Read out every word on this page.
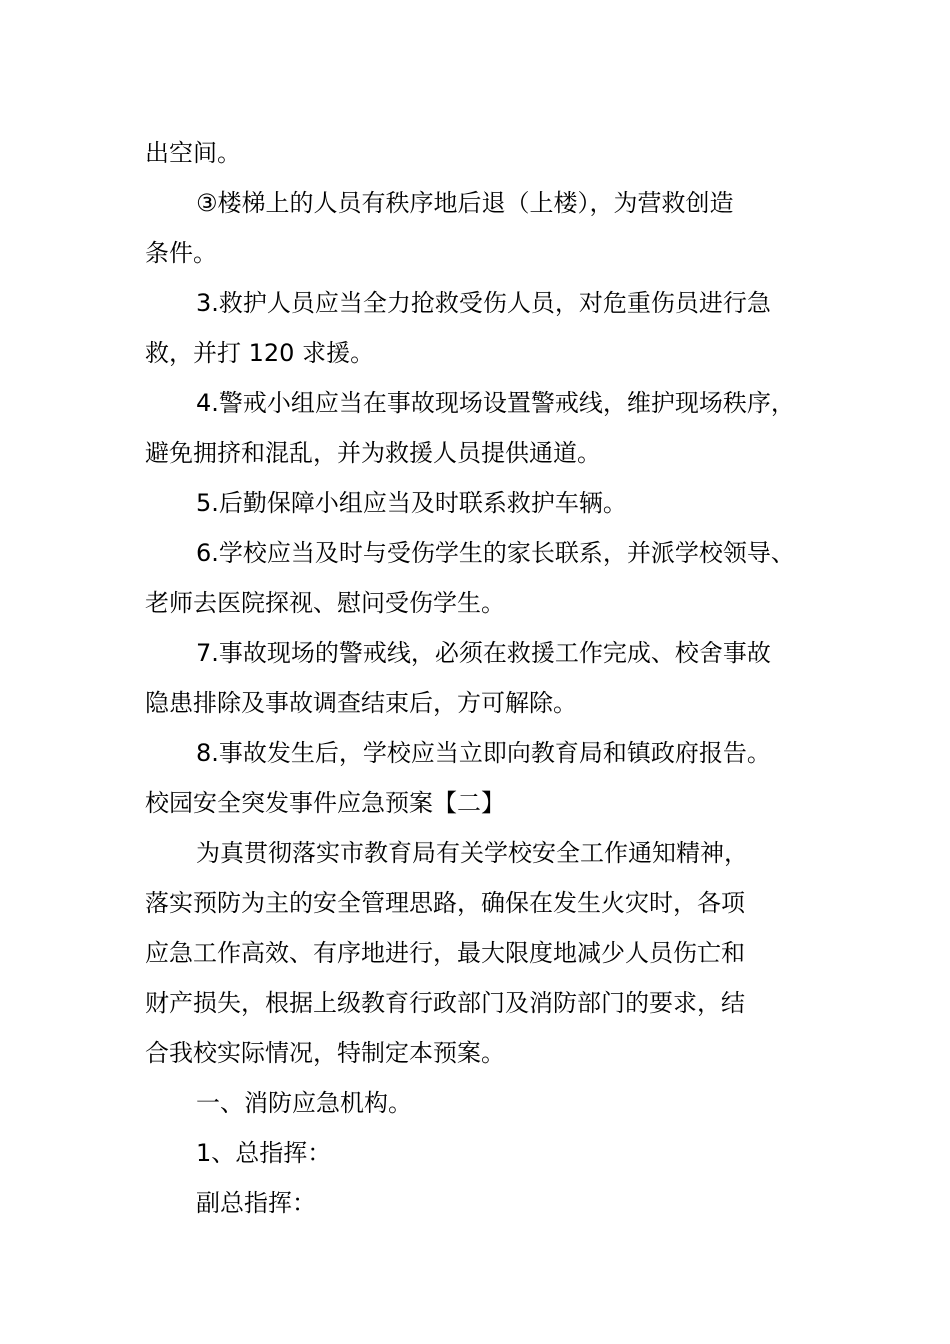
出空间。
③楼梯上的人员有秩序地后退（上楼），为营救创造
条件。
3.救护人员应当全力抢救受伤人员，对危重伤员进行急
救，并打 120 求援。
4.警戒小组应当在事故现场设置警戒线，维护现场秩序，
避免拥挤和混乱，并为救援人员提供通道。
5.后勤保障小组应当及时联系救护车辆。
6.学校应当及时与受伤学生的家长联系，并派学校领导、
老师去医院探视、慰问受伤学生。
7.事故现场的警戒线，必须在救援工作完成、校舍事故
隐患排除及事故调查结束后，方可解除。
8.事故发生后，学校应当立即向教育局和镇政府报告。
校园安全突发事件应急预案【二】
为真贯彻落实市教育局有关学校安全工作通知精神，
落实预防为主的安全管理思路，确保在发生火灾时，各项
应急工作高效、有序地进行，最大限度地减少人员伤亡和
财产损失，根据上级教育行政部门及消防部门的要求，结
合我校实际情况，特制定本预案。
一、消防应急机构。
1、总指挥：
副总指挥：
